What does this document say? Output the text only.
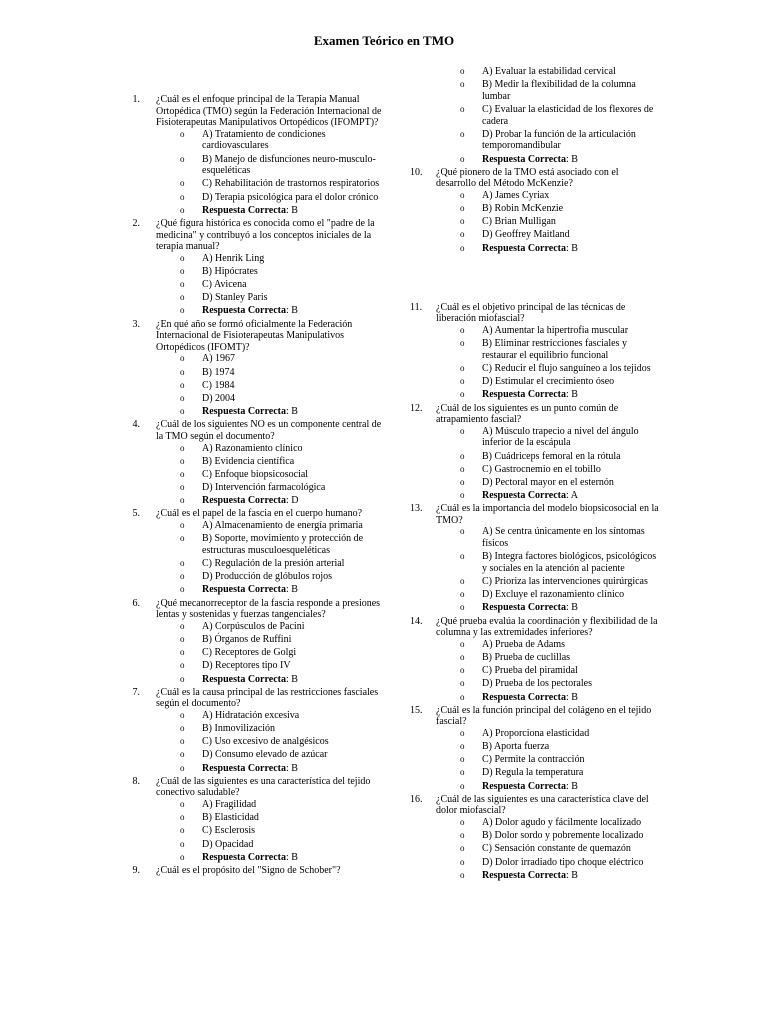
Examen Teórico en TMO
1. ¿Cuál es el enfoque principal de la Terapia Manual Ortopédica (TMO) según la Federación Internacional de Fisioterapeutas Manipulativos Ortopédicos (IFOMPT)?
o A) Tratamiento de condiciones cardiovasculares
o B) Manejo de disfunciones neuro-musculo-esqueléticas
o C) Rehabilitación de trastornos respiratorios
o D) Terapia psicológica para el dolor crónico
o Respuesta Correcta: B
2. ¿Qué figura histórica es conocida como el "padre de la medicina" y contribuyó a los conceptos iniciales de la terapia manual?
o A) Henrik Ling
o B) Hipócrates
o C) Avicena
o D) Stanley Paris
o Respuesta Correcta: B
3. ¿En qué año se formó oficialmente la Federación Internacional de Fisioterapeutas Manipulativos Ortopédicos (IFOMT)?
o A) 1967
o B) 1974
o C) 1984
o D) 2004
o Respuesta Correcta: B
4. ¿Cuál de los siguientes NO es un componente central de la TMO según el documento?
o A) Razonamiento clínico
o B) Evidencia científica
o C) Enfoque biopsicosocial
o D) Intervención farmacológica
o Respuesta Correcta: D
5. ¿Cuál es el papel de la fascia en el cuerpo humano?
o A) Almacenamiento de energía primaria
o B) Soporte, movimiento y protección de estructuras musculoesqueléticas
o C) Regulación de la presión arterial
o D) Producción de glóbulos rojos
o Respuesta Correcta: B
6. ¿Qué mecanorreceptor de la fascia responde a presiones lentas y sostenidas y fuerzas tangenciales?
o A) Corpúsculos de Pacini
o B) Órganos de Ruffini
o C) Receptores de Golgi
o D) Receptores tipo IV
o Respuesta Correcta: B
7. ¿Cuál es la causa principal de las restricciones fasciales según el documento?
o A) Hidratación excesiva
o B) Inmovilización
o C) Uso excesivo de analgésicos
o D) Consumo elevado de azúcar
o Respuesta Correcta: B
8. ¿Cuál de las siguientes es una característica del tejido conectivo saludable?
o A) Fragilidad
o B) Elasticidad
o C) Esclerosis
o D) Opacidad
o Respuesta Correcta: B
9. ¿Cuál es el propósito del "Signo de Schober"?
o A) Evaluar la estabilidad cervical
o B) Medir la flexibilidad de la columna lumbar
o C) Evaluar la elasticidad de los flexores de cadera
o D) Probar la función de la articulación temporomandibular
o Respuesta Correcta: B
10. ¿Qué pionero de la TMO está asociado con el desarrollo del Método McKenzie?
o A) James Cyriax
o B) Robin McKenzie
o C) Brian Mulligan
o D) Geoffrey Maitland
o Respuesta Correcta: B
11. ¿Cuál es el objetivo principal de las técnicas de liberación miofascial?
o A) Aumentar la hipertrofia muscular
o B) Eliminar restricciones fasciales y restaurar el equilibrio funcional
o C) Reducir el flujo sanguíneo a los tejidos
o D) Estimular el crecimiento óseo
o Respuesta Correcta: B
12. ¿Cuál de los siguientes es un punto común de atrapamiento fascial?
o A) Músculo trapecio a nivel del ángulo inferior de la escápula
o B) Cuádriceps femoral en la rótula
o C) Gastrocnemio en el tobillo
o D) Pectoral mayor en el esternón
o Respuesta Correcta: A
13. ¿Cuál es la importancia del modelo biopsicosocial en la TMO?
o A) Se centra únicamente en los síntomas físicos
o B) Integra factores biológicos, psicológicos y sociales en la atención al paciente
o C) Prioriza las intervenciones quirúrgicas
o D) Excluye el razonamiento clínico
o Respuesta Correcta: B
14. ¿Qué prueba evalúa la coordinación y flexibilidad de la columna y las extremidades inferiores?
o A) Prueba de Adams
o B) Prueba de cuclillas
o C) Prueba del piramidal
o D) Prueba de los pectorales
o Respuesta Correcta: B
15. ¿Cuál es la función principal del colágeno en el tejido fascial?
o A) Proporciona elasticidad
o B) Aporta fuerza
o C) Permite la contracción
o D) Regula la temperatura
o Respuesta Correcta: B
16. ¿Cuál de las siguientes es una característica clave del dolor miofascial?
o A) Dolor agudo y fácilmente localizado
o B) Dolor sordo y pobremente localizado
o C) Sensación constante de quemazón
o D) Dolor irradiado tipo choque eléctrico
o Respuesta Correcta: B
